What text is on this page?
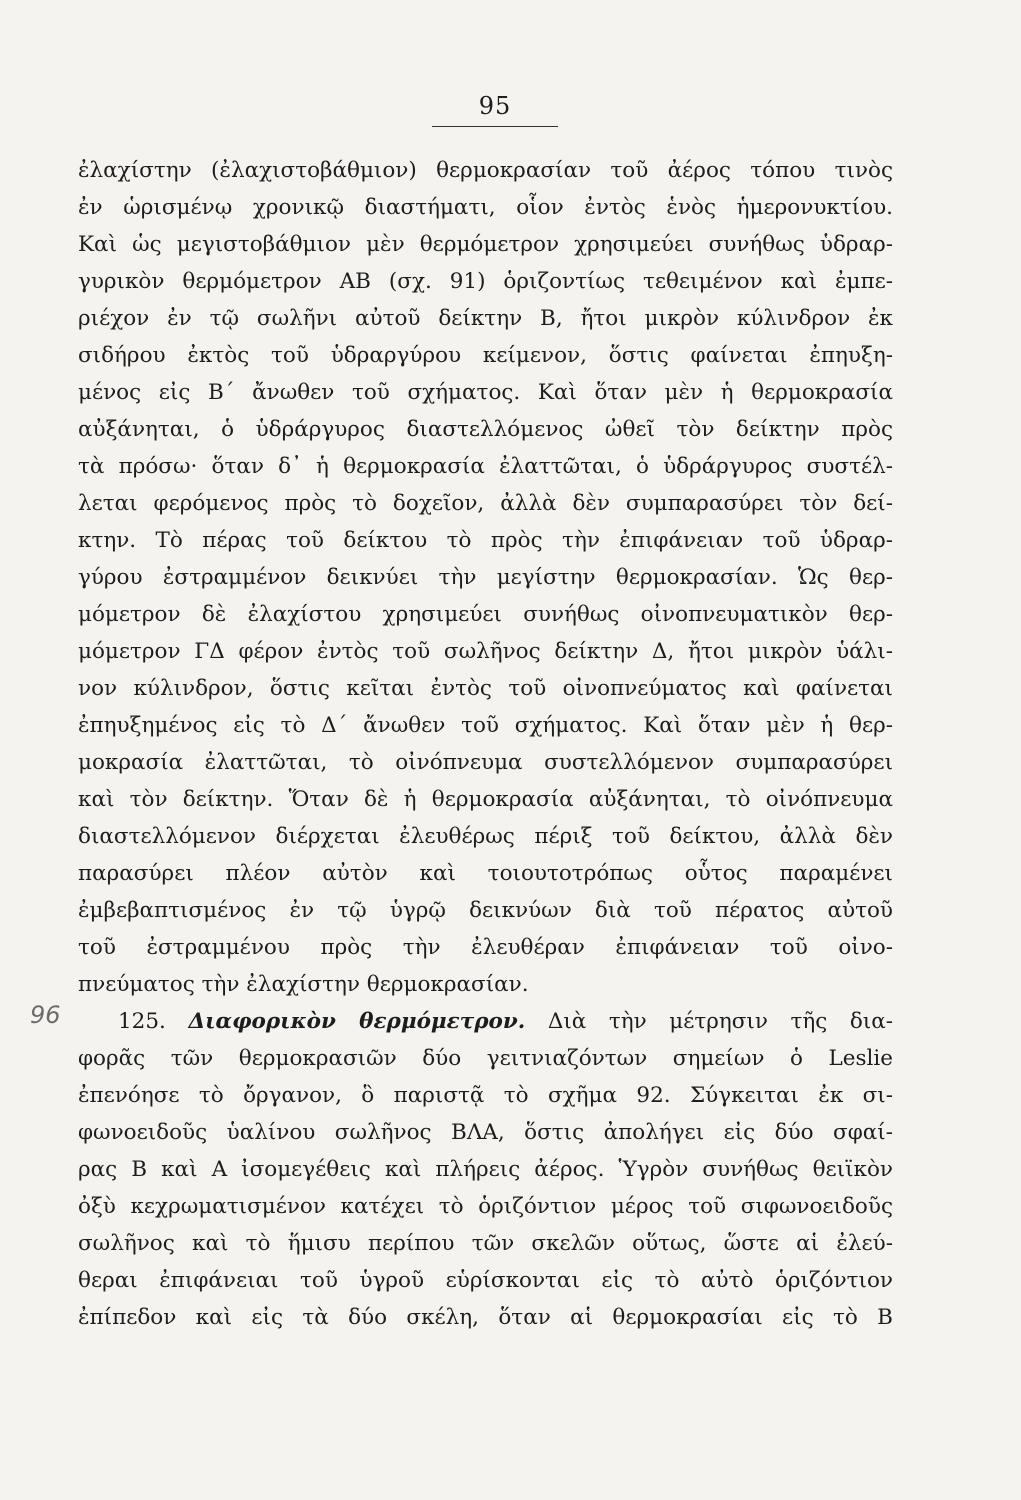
95
96
ἐλαχίστην (ἐλαχιστοβάθμιον) θερμοκρασίαν τοῦ ἀέρος τόπου τινὸς
ἐν ὡρισμένῳ χρονικῷ διαστήματι, οἷον ἐντὸς ἑνὸς ἡμερονυκτίου.
Καὶ ὡς μεγιστοβάθμιον μὲν θερμόμετρον χρησιμεύει συνήθως ὑδραρ-
γυρικὸν θερμόμετρον ΑΒ (σχ. 91) ὁριζοντίως τεθειμένον καὶ ἐμπε-
ριέχον ἐν τῷ σωλῆνι αὐτοῦ δείκτην Β, ἤτοι μικρὸν κύλινδρον ἐκ
σιδήρου ἐκτὸς τοῦ ὑδραργύρου κείμενον, ὅστις φαίνεται ἐπηυξη-
μένος εἰς Β΄ ἄνωθεν τοῦ σχήματος. Καὶ ὅταν μὲν ἡ θερμοκρασία
αὐξάνηται, ὁ ὑδράργυρος διαστελλόμενος ὠθεῖ τὸν δείκτην πρὸς
τὰ πρόσω· ὅταν δ᾽ ἡ θερμοκρασία ἐλαττῶται, ὁ ὑδράργυρος συστέλ-
λεται φερόμενος πρὸς τὸ δοχεῖον, ἀλλὰ δὲν συμπαρασύρει τὸν δεί-
κτην. Τὸ πέρας τοῦ δείκτου τὸ πρὸς τὴν ἐπιφάνειαν τοῦ ὑδραρ-
γύρου ἐστραμμένον δεικνύει τὴν μεγίστην θερμοκρασίαν. Ὡς θερ-
μόμετρον δὲ ἐλαχίστου χρησιμεύει συνήθως οἰνοπνευματικὸν θερ-
μόμετρον ΓΔ φέρον ἐντὸς τοῦ σωλῆνος δείκτην Δ, ἤτοι μικρὸν ὑάλι-
νον κύλινδρον, ὅστις κεῖται ἐντὸς τοῦ οἰνοπνεύματος καὶ φαίνεται
ἐπηυξημένος εἰς τὸ Δ΄ ἄνωθεν τοῦ σχήματος. Καὶ ὅταν μὲν ἡ θερ-
μοκρασία ἐλαττῶται, τὸ οἰνόπνευμα συστελλόμενον συμπαρασύρει
καὶ τὸν δείκτην. Ὅταν δὲ ἡ θερμοκρασία αὐξάνηται, τὸ οἰνόπνευμα
διαστελλόμενον διέρχεται ἐλευθέρως πέριξ τοῦ δείκτου, ἀλλὰ δὲν
παρασύρει πλέον αὐτὸν καὶ τοιουτοτρόπως οὗτος παραμένει
ἐμβεβαπτισμένος ἐν τῷ ὑγρῷ δεικνύων διὰ τοῦ πέρατος αὐτοῦ
τοῦ ἐστραμμένου πρὸς τὴν ἐλευθέραν ἐπιφάνειαν τοῦ οἰνο-
πνεύματος τὴν ἐλαχίστην θερμοκρασίαν.
125. Διαφορικὸν θερμόμετρον. Διὰ τὴν μέτρησιν τῆς δια-
φορᾶς τῶν θερμοκρασιῶν δύο γειτνιαζόντων σημείων ὁ Leslie
ἐπενόησε τὸ ὄργανον, ὃ παριστᾷ τὸ σχῆμα 92. Σύγκειται ἐκ σι-
φωνοειδοῦς ὑαλίνου σωλῆνος ΒΛΑ, ὅστις ἀπολήγει εἰς δύο σφαί-
ρας Β καὶ Α ἰσομεγέθεις καὶ πλήρεις ἀέρος. Ὑγρὸν συνήθως θειϊκὸν
ὀξὺ κεχρωματισμένον κατέχει τὸ ὁριζόντιον μέρος τοῦ σιφωνοειδοῦς
σωλῆνος καὶ τὸ ἥμισυ περίπου τῶν σκελῶν οὕτως, ὥστε αἱ ἐλεύ-
θεραι ἐπιφάνειαι τοῦ ὑγροῦ εὑρίσκονται εἰς τὸ αὐτὸ ὁριζόντιον
ἐπίπεδον καὶ εἰς τὰ δύο σκέλη, ὅταν αἱ θερμοκρασίαι εἰς τὸ Β
